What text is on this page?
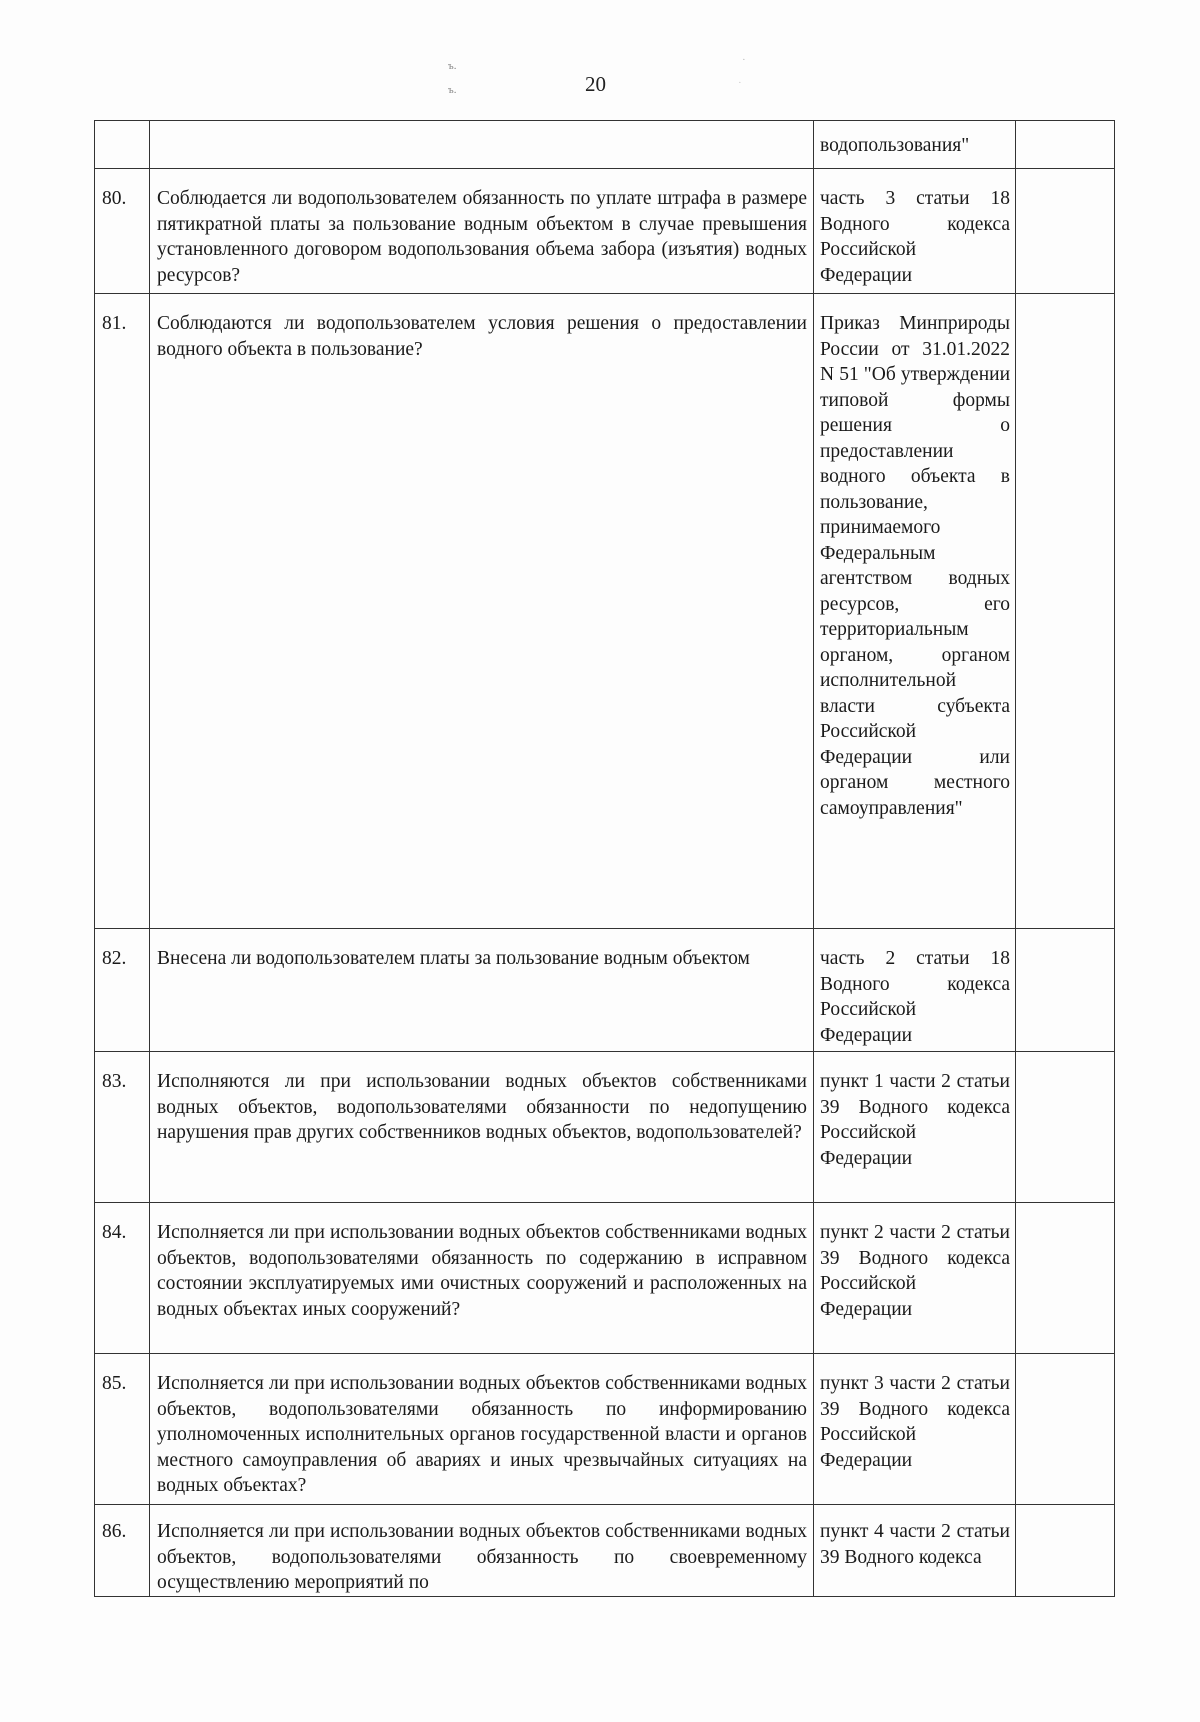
ъ.
ъ.
·
·
20

		водопользования"	

80.	Соблюдается ли водопользователем обязанность по уплате штрафа в размере пятикратной платы за пользование водным объектом в случае превышения установленного договором водопользования объема забора (изъятия) водных ресурсов?	часть 3 статьи 18 Водного кодекса Российской Федерации	

81.	Соблюдаются ли водопользователем условия решения о предоставлении водного объекта в пользование?	Приказ Минприроды России от 31.01.2022 N 51 "Об утверждении типовой формы решения о предоставлении водного объекта в пользование, принимаемого Федеральным агентством водных ресурсов, его территориальным органом, органом исполнительной власти субъекта Российской Федерации или органом местного самоуправления"	

82.	Внесена ли водопользователем платы за пользование водным объектом	часть 2 статьи 18 Водного кодекса Российской Федерации	

83.	Исполняются ли при использовании водных объектов собственниками водных объектов, водопользователями обязанности по недопущению нарушения прав других собственников водных объектов, водопользователей?	пункт 1 части 2 статьи 39 Водного кодекса Российской Федерации	

84.	Исполняется ли при использовании водных объектов собственниками водных объектов, водопользователями обязанность по содержанию в исправном состоянии эксплуатируемых ими очистных сооружений и расположенных на водных объектах иных сооружений?	пункт 2 части 2 статьи 39 Водного кодекса Российской Федерации	

85.	Исполняется ли при использовании водных объектов собственниками водных объектов, водопользователями обязанность по информированию уполномоченных исполнительных органов государственной власти и органов местного самоуправления об авариях и иных чрезвычайных ситуациях на водных объектах?	пункт 3 части 2 статьи 39 Водного кодекса Российской Федерации	

86.	Исполняется ли при использовании водных объектов собственниками водных объектов, водопользователями обязанность по своевременному осуществлению мероприятий по	пункт 4 части 2 статьи 39 Водного кодекса	
